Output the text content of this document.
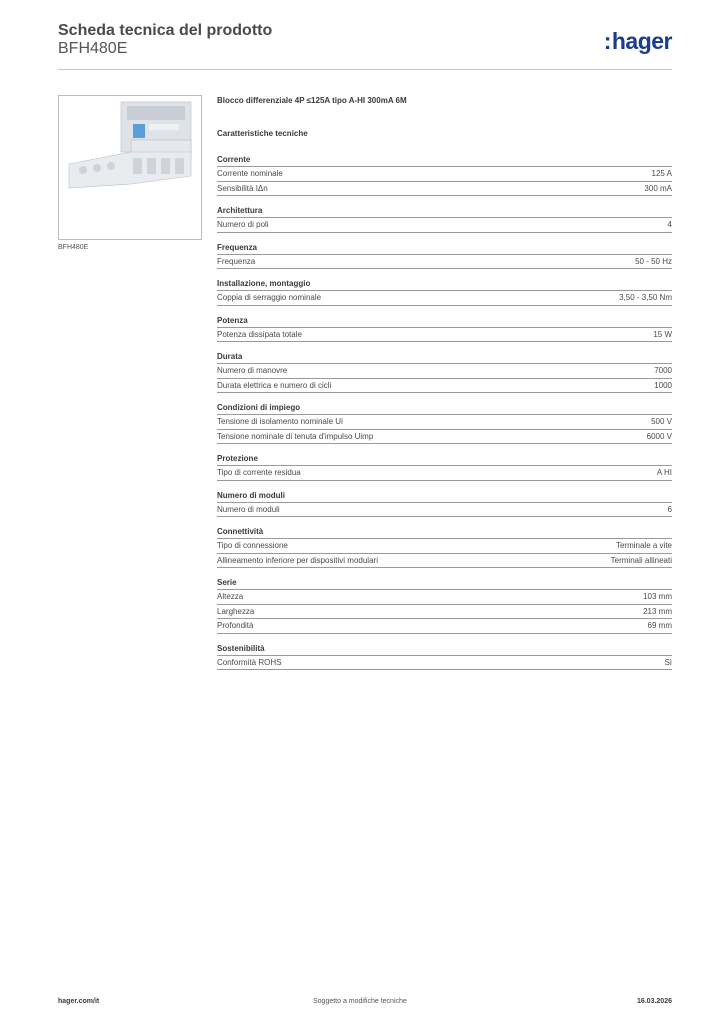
Scheda tecnica del prodotto
BFH480E	:hager
BFH480E
Blocco differenziale 4P ≤125A tipo A-HI 300mA 6M
Caratteristiche tecniche
Corrente
Corrente nominale	125 A
Sensibilità IΔn	300 mA
Architettura
Numero di poli	4
Frequenza
Frequenza	50 - 50 Hz
Installazione, montaggio
Coppia di serraggio nominale	3,50 - 3,50 Nm
Potenza
Potenza dissipata totale	15 W
Durata
Numero di manovre	7000
Durata elettrica e numero di cicli	1000
Condizioni di impiego
Tensione di isolamento nominale Ui	500 V
Tensione nominale di tenuta d'impulso Uimp	6000 V
Protezione
Tipo di corrente residua	A HI
Numero di moduli
Numero di moduli	6
Connettività
Tipo di connessione	Terminale a vite
Allineamento inferiore per dispositivi modulari	Terminali allineati
Serie
Altezza	103 mm
Larghezza	213 mm
Profondità	69 mm
Sostenibilità
Conformità ROHS	Sì
hager.com/it	Soggetto a modifiche tecniche	16.03.2026
